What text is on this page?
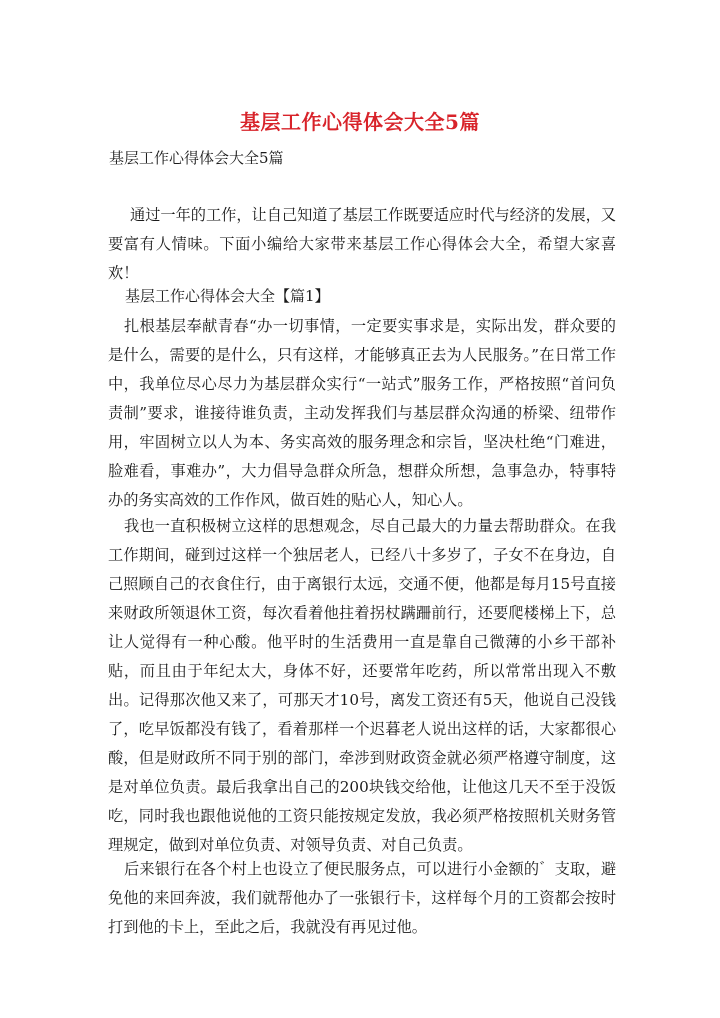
基层工作心得体会大全5篇

基层工作心得体会大全5篇

通过一年的工作，让自己知道了基层工作既要适应时代与经济的发展，又要富有人情味。下面小编给大家带来基层工作心得体会大全，希望大家喜欢！

基层工作心得体会大全【篇1】

扎根基层奉献青春“办一切事情，一定要实事求是，实际出发，群众要的是什么，需要的是什么，只有这样，才能够真正去为人民服务。”在日常工作中，我单位尽心尽力为基层群众实行“一站式”服务工作，严格按照“首问负责制”要求，谁接待谁负责，主动发挥我们与基层群众沟通的桥梁、纽带作用，牢固树立以人为本、务实高效的服务理念和宗旨，坚决杜绝“门难进，脸难看，事难办”，大力倡导急群众所急，想群众所想，急事急办，特事特办的务实高效的工作作风，做百姓的贴心人，知心人。

我也一直积极树立这样的思想观念，尽自己最大的力量去帮助群众。在我工作期间，碰到过这样一个独居老人，已经八十多岁了，子女不在身边，自己照顾自己的衣食住行，由于离银行太远，交通不便，他都是每月15号直接来财政所领退休工资，每次看着他拄着拐杖蹒跚前行，还要爬楼梯上下，总让人觉得有一种心酸。他平时的生活费用一直是靠自己微薄的小乡干部补贴，而且由于年纪太大，身体不好，还要常年吃药，所以常常出现入不敷出。记得那次他又来了，可那天才10号，离发工资还有5天，他说自己没钱了，吃早饭都没有钱了，看着那样一个迟暮老人说出这样的话，大家都很心酸，但是财政所不同于别的部门，牵涉到财政资金就必须严格遵守制度，这是对单位负责。最后我拿出自己的200块钱交给他，让他这几天不至于没饭吃，同时我也跟他说他的工资只能按规定发放，我必须严格按照机关财务管理规定，做到对单位负责、对领导负责、对自己负责。

后来银行在各个村上也设立了便民服务点，可以进行小金额的゛支取，避免他的来回奔波，我们就帮他办了一张银行卡，这样每个月的工资都会按时打到他的卡上，至此之后，我就没有再见过他。
